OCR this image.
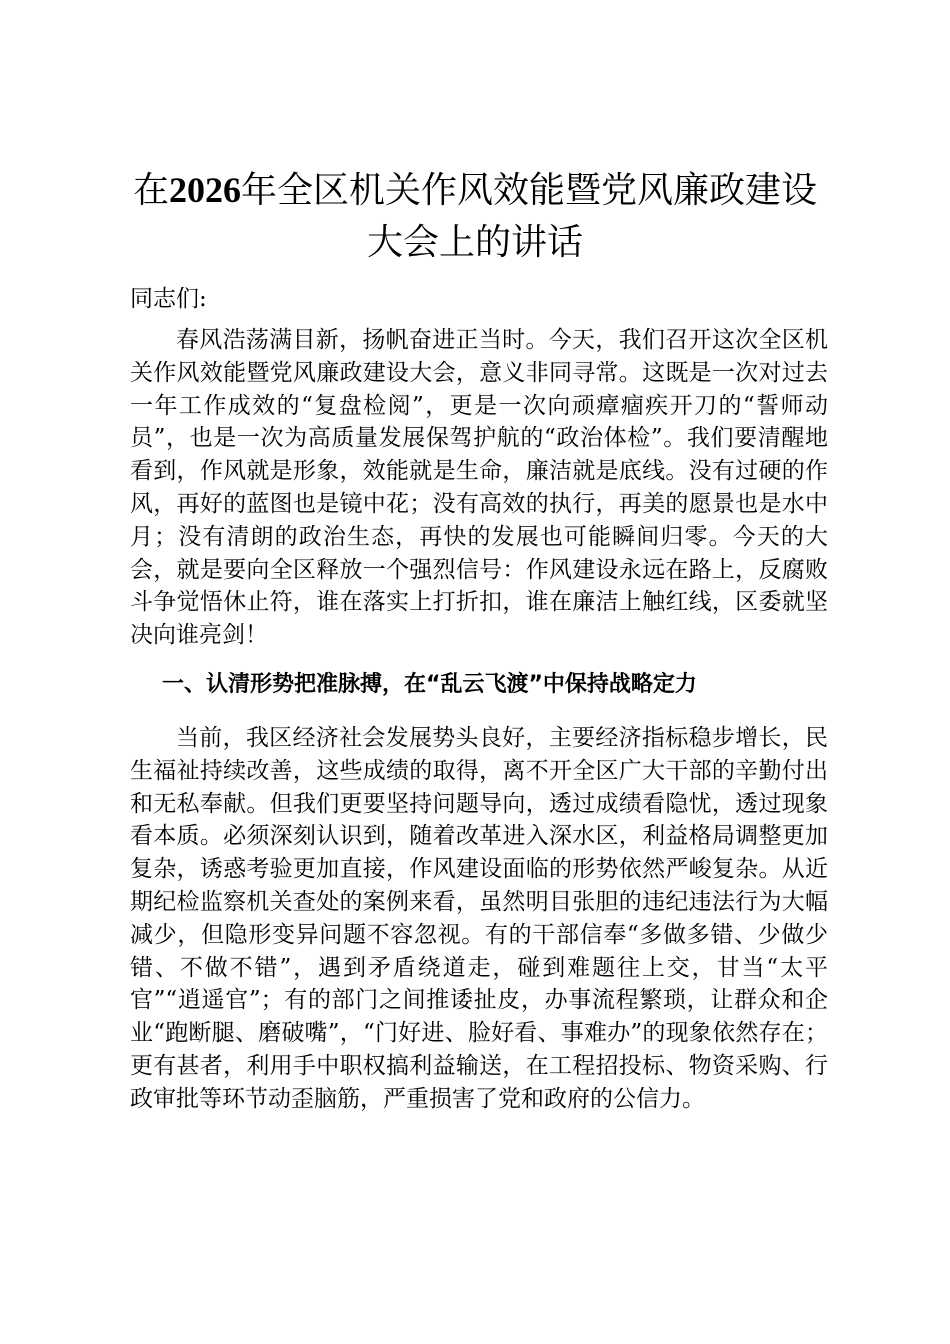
在2026年全区机关作风效能暨党风廉政建设
大会上的讲话

同志们:

春风浩荡满目新，扬帆奋进正当时。今天，我们召开这次全区机关作风效能暨党风廉政建设大会，意义非同寻常。这既是一次对过去一年工作成效的“复盘检阅”，更是一次向顽瘴痼疾开刀的“誓师动员”，也是一次为高质量发展保驾护航的“政治体检”。我们要清醒地看到，作风就是形象，效能就是生命，廉洁就是底线。没有过硬的作风，再好的蓝图也是镜中花；没有高效的执行，再美的愿景也是水中月；没有清朗的政治生态，再快的发展也可能瞬间归零。今天的大会，就是要向全区释放一个强烈信号：作风建设永远在路上，反腐败斗争觉悟休止符，谁在落实上打折扣，谁在廉洁上触红线，区委就坚决向谁亮剑！

一、认清形势把准脉搏，在“乱云飞渡”中保持战略定力

当前，我区经济社会发展势头良好，主要经济指标稳步增长，民生福祉持续改善，这些成绩的取得，离不开全区广大干部的辛勤付出和无私奉献。但我们更要坚持问题导向，透过成绩看隐忧，透过现象看本质。必须深刻认识到，随着改革进入深水区，利益格局调整更加复杂，诱惑考验更加直接，作风建设面临的形势依然严峻复杂。从近期纪检监察机关查处的案例来看，虽然明目张胆的违纪违法行为大幅减少，但隐形变异问题不容忽视。有的干部信奉“多做多错、少做少错、不做不错”，遇到矛盾绕道走，碰到难题往上交，甘当“太平官”“逍遥官”；有的部门之间推诿扯皮，办事流程繁琐，让群众和企业“跑断腿、磨破嘴”，“门好进、脸好看、事难办”的现象依然存在；更有甚者，利用手中职权搞利益输送，在工程招投标、物资采购、行政审批等环节动歪脑筋，严重损害了党和政府的公信力。
